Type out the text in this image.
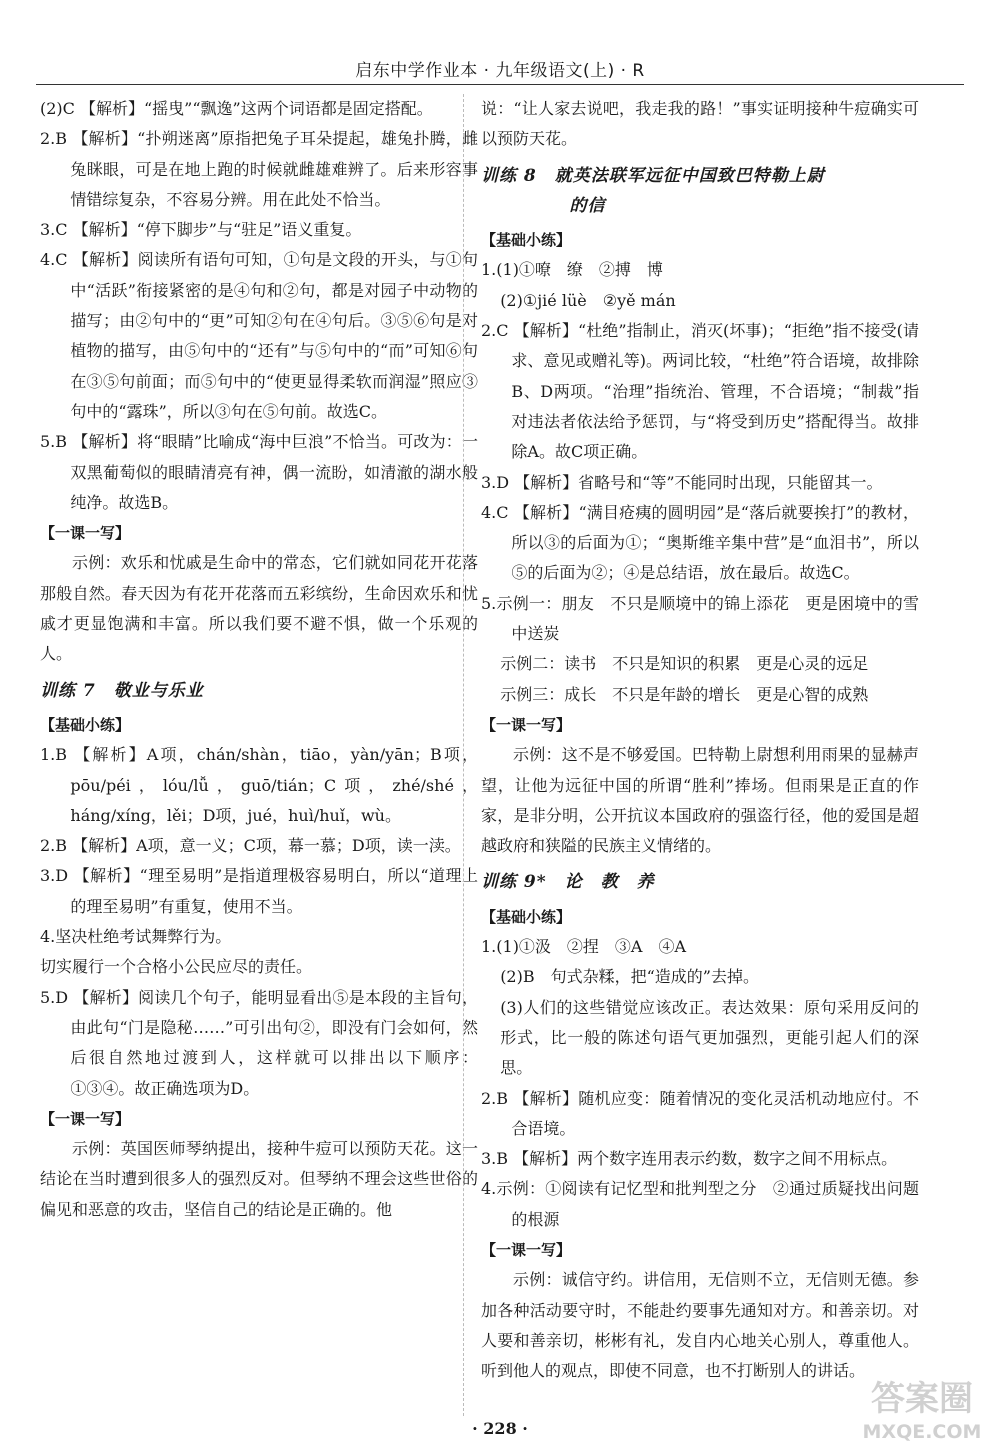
启东中学作业本 · 九年级语文(上) · R
(2)C 【解析】“摇曳”“飘逸”这两个词语都是固定搭配。
2.B 【解析】“扑朔迷离”原指把兔子耳朵提起，雄兔扑腾，雌兔眯眼，可是在地上跑的时候就雌雄难辨了。后来形容事情错综复杂，不容易分辨。用在此处不恰当。
3.C 【解析】“停下脚步”与“驻足”语义重复。
4.C 【解析】阅读所有语句可知，①句是文段的开头，与①句中“活跃”衔接紧密的是④句和②句，都是对园子中动物的描写；由②句中的“更”可知②句在④句后。③⑤⑥句是对植物的描写，由⑤句中的“还有”与⑤句中的“而”可知⑥句在③⑤句前面；而⑤句中的“使更显得柔软而润湿”照应③句中的“露珠”，所以③句在⑤句前。故选C。
5.B 【解析】将“眼睛”比喻成“海中巨浪”不恰当。可改为：一双黑葡萄似的眼睛清亮有神，偶一流盼，如清澈的湖水般纯净。故选B。
【一课一写】
示例：欢乐和忧戚是生命中的常态，它们就如同花开花落那般自然。春天因为有花开花落而五彩缤纷，生命因欢乐和忧戚才更显饱满和丰富。所以我们要不避不惧，做一个乐观的人。
训练 7　敬业与乐业
【基础小练】
1.B 【解析】A项，chán/shàn，tiāo，yàn/yān；B项，pōu/péi，lóu/lǚ，guō/tián；C项，zhé/shé，háng/xíng，lěi；D项，jué，huì/huǐ，wù。
2.B 【解析】A项，意一义；C项，幕一慕；D项，读一渎。
3.D 【解析】“理至易明”是指道理极容易明白，所以“道理上的理至易明”有重复，使用不当。
4.坚决杜绝考试舞弊行为。
切实履行一个合格小公民应尽的责任。
5.D 【解析】阅读几个句子，能明显看出⑤是本段的主旨句，由此句“门是隐秘……”可引出句②，即没有门会如何，然后很自然地过渡到人，这样就可以排出以下顺序：①③④。故正确选项为D。
【一课一写】
示例：英国医师琴纳提出，接种牛痘可以预防天花。这一结论在当时遭到很多人的强烈反对。但琴纳不理会这些世俗的偏见和恶意的攻击，坚信自己的结论是正确的。他
说：“让人家去说吧，我走我的路！”事实证明接种牛痘确实可以预防天花。
训练 8　就英法联军远征中国致巴特勒上尉
的信
【基础小练】
1.(1)①嘹　缭　②搏　博
(2)①jié lüè　②yě mán
2.C 【解析】“杜绝”指制止，消灭(坏事)；“拒绝”指不接受(请求、意见或赠礼等)。两词比较，“杜绝”符合语境，故排除B、D两项。“治理”指统治、管理，不合语境；“制裁”指对违法者依法给予惩罚，与“将受到历史”搭配得当。故排除A。故C项正确。
3.D 【解析】省略号和“等”不能同时出现，只能留其一。
4.C 【解析】“满目疮痍的圆明园”是“落后就要挨打”的教材，所以③的后面为①；“奥斯维辛集中营”是“血泪书”，所以⑤的后面为②；④是总结语，放在最后。故选C。
5.示例一：朋友　不只是顺境中的锦上添花　更是困境中的雪中送炭
示例二：读书　不只是知识的积累　更是心灵的远足
示例三：成长　不只是年龄的增长　更是心智的成熟
【一课一写】
示例：这不是不够爱国。巴特勒上尉想利用雨果的显赫声望，让他为远征中国的所谓“胜利”捧场。但雨果是正直的作家，是非分明，公开抗议本国政府的强盗行径，他的爱国是超越政府和狭隘的民族主义情绪的。
训练 9*　论　教　养
【基础小练】
1.(1)①汲　②捏　③A　④A
(2)B　句式杂糅，把“造成的”去掉。
(3)人们的这些错觉应该改正。表达效果：原句采用反问的形式，比一般的陈述句语气更加强烈，更能引起人们的深思。
2.B 【解析】随机应变：随着情况的变化灵活机动地应付。不合语境。
3.B 【解析】两个数字连用表示约数，数字之间不用标点。
4.示例：①阅读有记忆型和批判型之分　②通过质疑找出问题的根源
【一课一写】
示例：诚信守约。讲信用，无信则不立，无信则无德。参加各种活动要守时，不能赴约要事先通知对方。和善亲切。对人要和善亲切，彬彬有礼，发自内心地关心别人，尊重他人。听到他人的观点，即使不同意，也不打断别人的讲话。
· 228 ·
答案圈
MXQE.COM
